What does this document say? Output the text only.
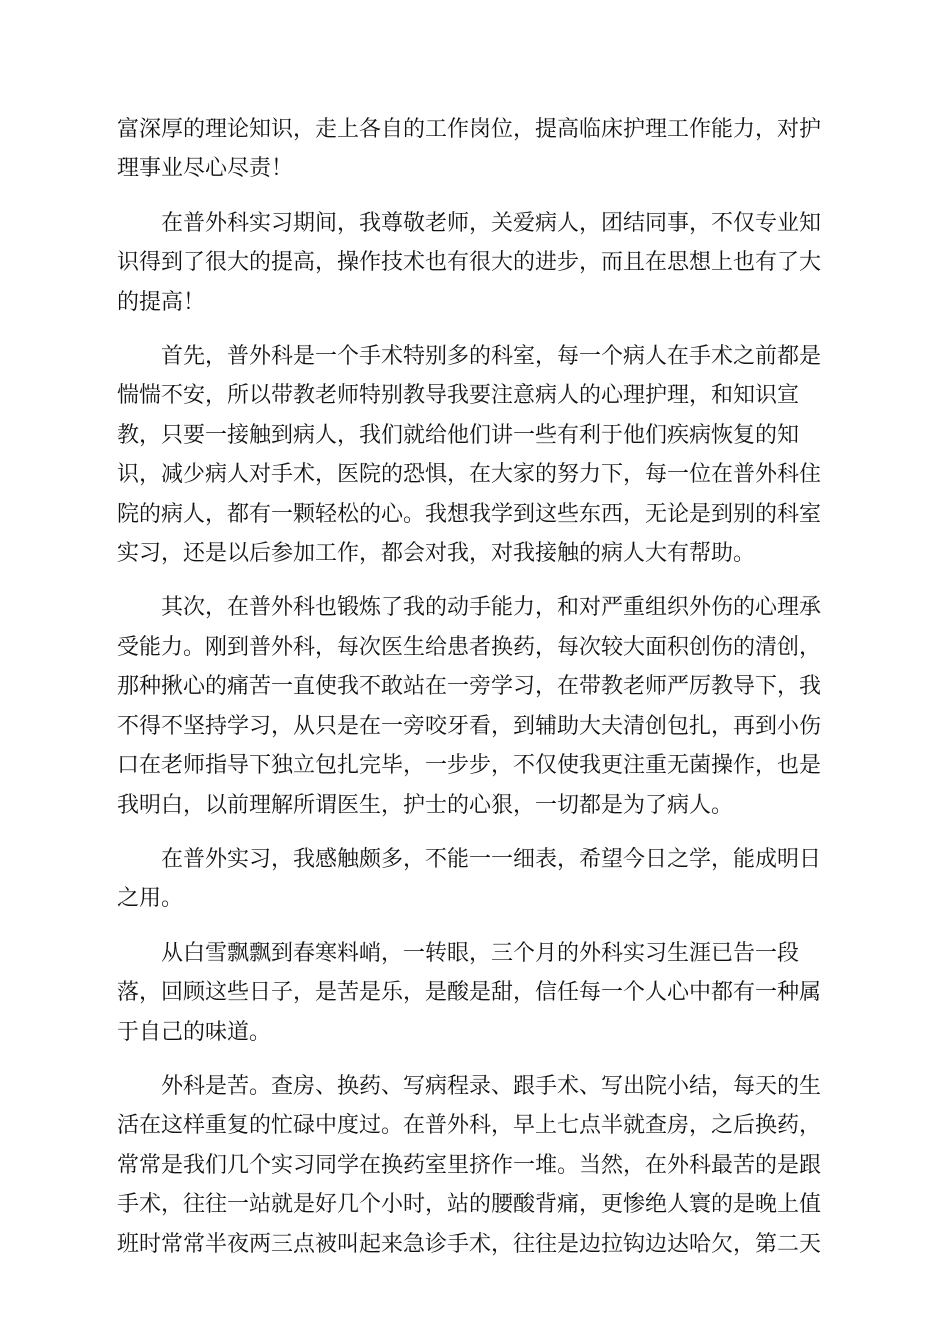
富深厚的理论知识，走上各自的工作岗位，提高临床护理工作能力，对护
理事业尽心尽责！

在普外科实习期间，我尊敬老师，关爱病人，团结同事，不仅专业知
识得到了很大的提高，操作技术也有很大的进步，而且在思想上也有了大
的提高！

首先，普外科是一个手术特别多的科室，每一个病人在手术之前都是
惴惴不安，所以带教老师特别教导我要注意病人的心理护理，和知识宣
教，只要一接触到病人，我们就给他们讲一些有利于他们疾病恢复的知
识，减少病人对手术，医院的恐惧，在大家的努力下，每一位在普外科住
院的病人，都有一颗轻松的心。我想我学到这些东西，无论是到别的科室
实习，还是以后参加工作，都会对我，对我接触的病人大有帮助。

其次，在普外科也锻炼了我的动手能力，和对严重组织外伤的心理承
受能力。刚到普外科，每次医生给患者换药，每次较大面积创伤的清创，
那种揪心的痛苦一直使我不敢站在一旁学习，在带教老师严厉教导下，我
不得不坚持学习，从只是在一旁咬牙看，到辅助大夫清创包扎，再到小伤
口在老师指导下独立包扎完毕，一步步，不仅使我更注重无菌操作，也是
我明白，以前理解所谓医生，护士的心狠，一切都是为了病人。

在普外实习，我感触颇多，不能一一细表，希望今日之学，能成明日
之用。

从白雪飘飘到春寒料峭，一转眼，三个月的外科实习生涯已告一段
落，回顾这些日子，是苦是乐，是酸是甜，信任每一个人心中都有一种属
于自己的味道。

外科是苦。查房、换药、写病程录、跟手术、写出院小结，每天的生
活在这样重复的忙碌中度过。在普外科，早上七点半就查房，之后换药，
常常是我们几个实习同学在换药室里挤作一堆。当然，在外科最苦的是跟
手术，往往一站就是好几个小时，站的腰酸背痛，更惨绝人寰的是晚上值
班时常常半夜两三点被叫起来急诊手术，往往是边拉钩边达哈欠，第二天
